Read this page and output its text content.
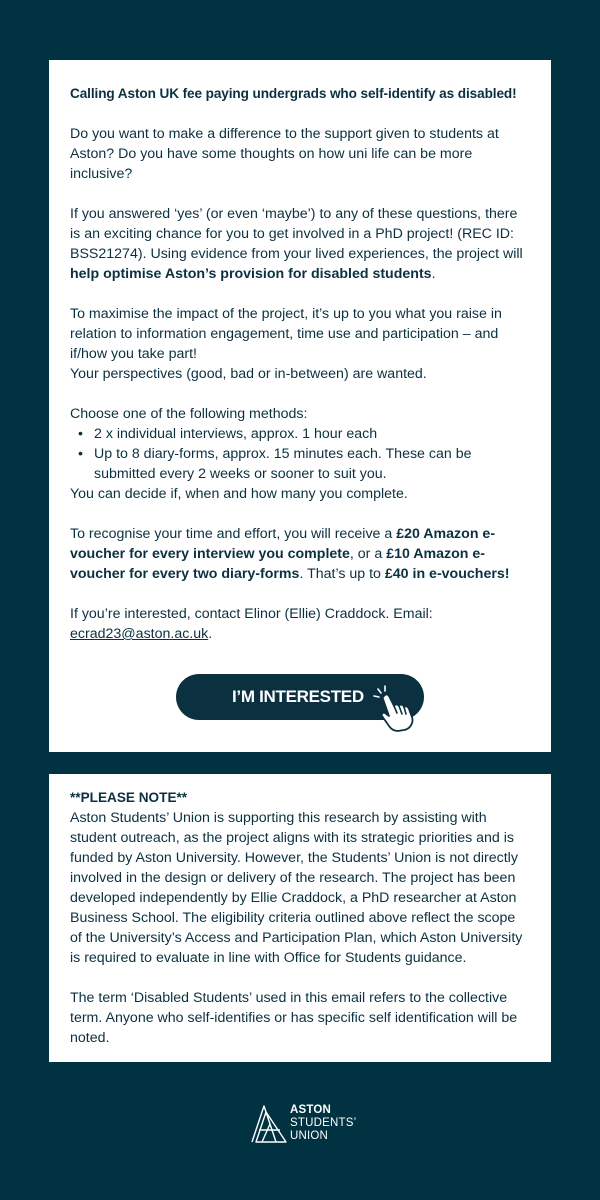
Calling Aston UK fee paying undergrads who self-identify as disabled!

Do you want to make a difference to the support given to students at Aston? Do you have some thoughts on how uni life can be more inclusive?

If you answered ‘yes’ (or even ‘maybe’) to any of these questions, there is an exciting chance for you to get involved in a PhD project! (REC ID: BSS21274). Using evidence from your lived experiences, the project will help optimise Aston’s provision for disabled students.

To maximise the impact of the project, it’s up to you what you raise in relation to information engagement, time use and participation – and if/how you take part!
Your perspectives (good, bad or in-between) are wanted.

Choose one of the following methods:
• 2 x individual interviews, approx. 1 hour each
• Up to 8 diary-forms, approx. 15 minutes each. These can be submitted every 2 weeks or sooner to suit you.
You can decide if, when and how many you complete.

To recognise your time and effort, you will receive a £20 Amazon e-voucher for every interview you complete, or a £10 Amazon e-voucher for every two diary-forms. That’s up to £40 in e-vouchers!

If you’re interested, contact Elinor (Ellie) Craddock. Email: ecrad23@aston.ac.uk.

I’M INTERESTED

**PLEASE NOTE**

Aston Students’ Union is supporting this research by assisting with student outreach, as the project aligns with its strategic priorities and is funded by Aston University. However, the Students’ Union is not directly involved in the design or delivery of the research. The project has been developed independently by Ellie Craddock, a PhD researcher at Aston Business School. The eligibility criteria outlined above reflect the scope of the University’s Access and Participation Plan, which Aston University is required to evaluate in line with Office for Students guidance.

The term ‘Disabled Students’ used in this email refers to the collective term. Anyone who self-identifies or has specific self identification will be noted.

ASTON
STUDENTS’
UNION
